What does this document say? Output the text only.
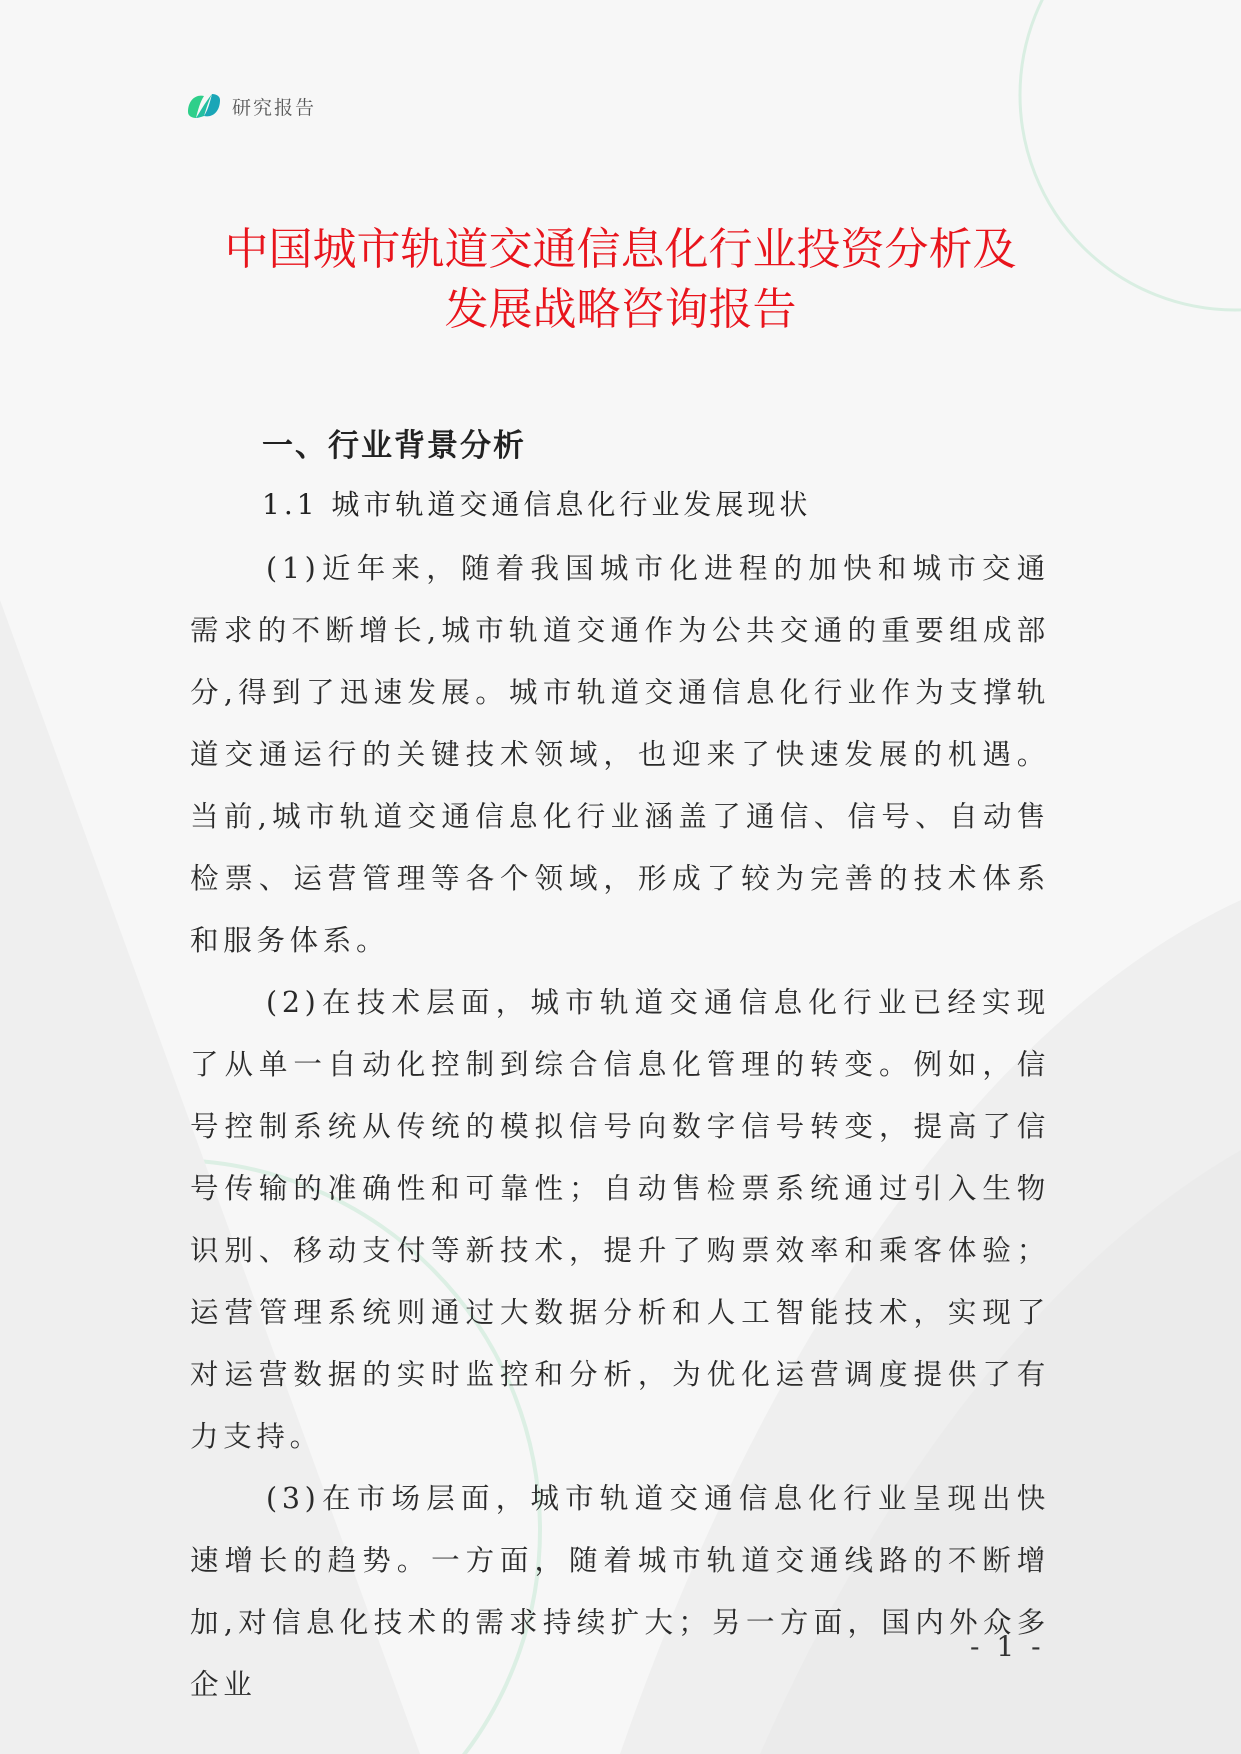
研究报告
中国城市轨道交通信息化行业投资分析及
发展战略咨询报告
一、行业背景分析
1.1 城市轨道交通信息化行业发展现状

(1)近年来，随着我国城市化进程的加快和城市交通需求的不断增长,城市轨道交通作为公共交通的重要组成部分,得到了迅速发展。城市轨道交通信息化行业作为支撑轨道交通运行的关键技术领域，也迎来了快速发展的机遇。当前,城市轨道交通信息化行业涵盖了通信、信号、自动售检票、运营管理等各个领域，形成了较为完善的技术体系和服务体系。

(2)在技术层面，城市轨道交通信息化行业已经实现了从单一自动化控制到综合信息化管理的转变。例如，信号控制系统从传统的模拟信号向数字信号转变，提高了信号传输的准确性和可靠性；自动售检票系统通过引入生物识别、移动支付等新技术，提升了购票效率和乘客体验；运营管理系统则通过大数据分析和人工智能技术，实现了对运营数据的实时监控和分析，为优化运营调度提供了有力支持。

(3)在市场层面，城市轨道交通信息化行业呈现出快速增长的趋势。一方面，随着城市轨道交通线路的不断增加,对信息化技术的需求持续扩大；另一方面，国内外众多企业

- 1 -
